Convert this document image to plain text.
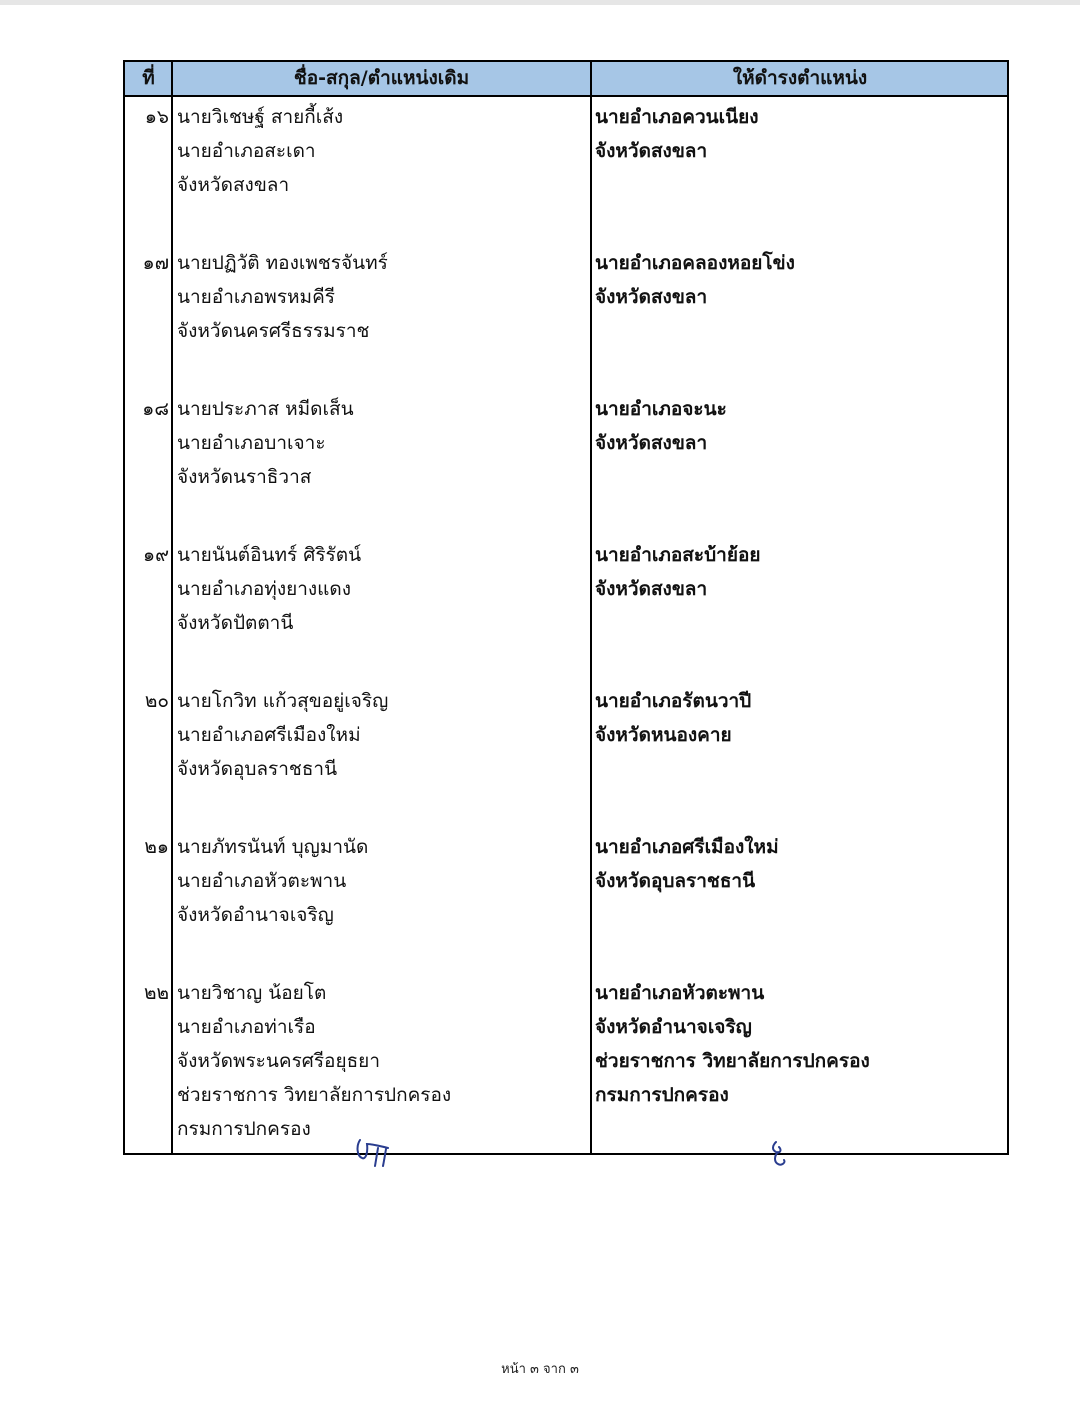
ที่	ชื่อ-สกุล/ตำแหน่งเดิม	ให้ดำรงตำแหน่ง
๑๖ นายวิเชษฐ์ สายกี้เส้ง
นายอำเภอสะเดา
จังหวัดสงขลา
นายอำเภอควนเนียง
จังหวัดสงขลา
๑๗ นายปฏิวัติ ทองเพชรจันทร์
นายอำเภอพรหมคีรี
จังหวัดนครศรีธรรมราช
นายอำเภอคลองหอยโข่ง
จังหวัดสงขลา
๑๘ นายประภาส หมีดเส็น
นายอำเภอบาเจาะ
จังหวัดนราธิวาส
นายอำเภอจะนะ
จังหวัดสงขลา
๑๙ นายนันต์อินทร์ ศิริรัตน์
นายอำเภอทุ่งยางแดง
จังหวัดปัตตานี
นายอำเภอสะบ้าย้อย
จังหวัดสงขลา
๒๐ นายโกวิท แก้วสุขอยู่เจริญ
นายอำเภอศรีเมืองใหม่
จังหวัดอุบลราชธานี
นายอำเภอรัตนวาปี
จังหวัดหนองคาย
๒๑ นายภัทรนันท์ บุญมานัด
นายอำเภอหัวตะพาน
จังหวัดอำนาจเจริญ
นายอำเภอศรีเมืองใหม่
จังหวัดอุบลราชธานี
๒๒ นายวิชาญ น้อยโต
นายอำเภอท่าเรือ
จังหวัดพระนครศรีอยุธยา
ช่วยราชการ วิทยาลัยการปกครอง
กรมการปกครอง
นายอำเภอหัวตะพาน
จังหวัดอำนาจเจริญ
ช่วยราชการ วิทยาลัยการปกครอง
กรมการปกครอง
หน้า ๓ จาก ๓
